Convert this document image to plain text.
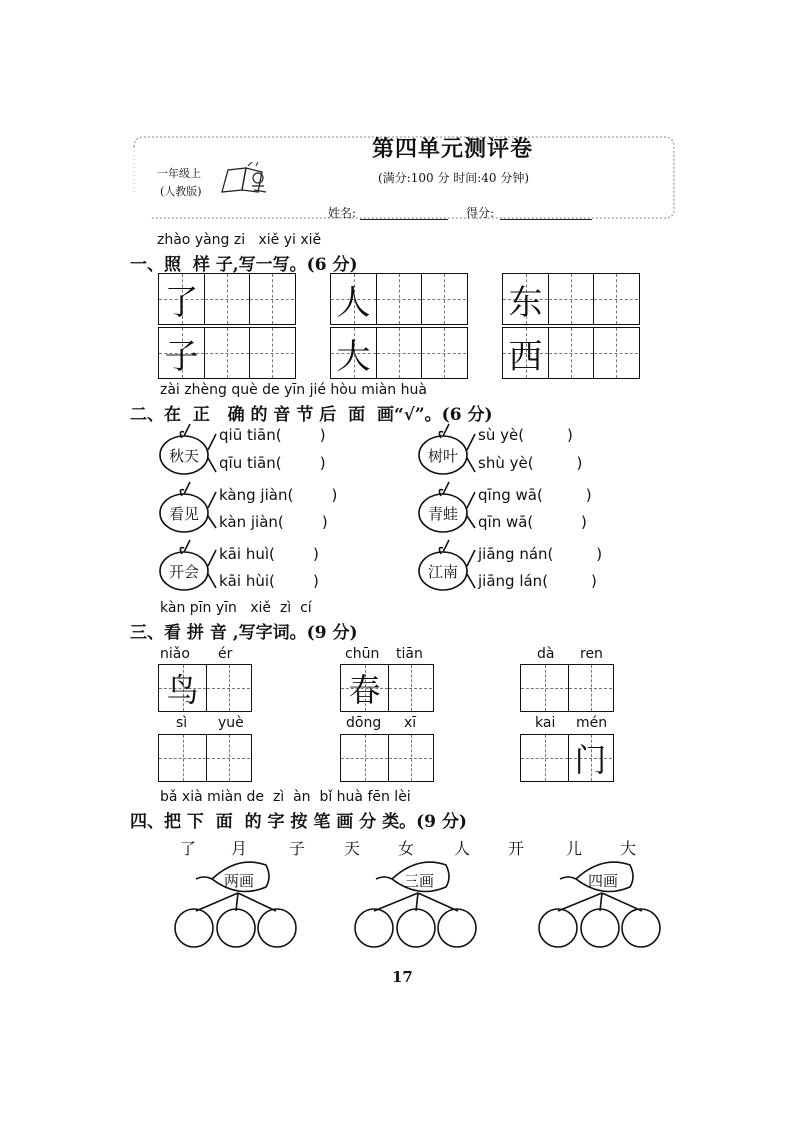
一年级上
(人教版)
第四单元测评卷
(满分:100 分 时间:40 分钟)
姓名:	得分:
zhào yàng zi   xiě yi xiě
一、照  样 子,写一写。(6 分)
了
子
人
大
东
西
zài zhèng què de yīn jié hòu miàn huà
二、在  正   确 的 音 节 后  面  画“√”。(6 分)
秋天
qiū tiān(        )
qīu tiān(        )	树叶
sù yè(         )
shù yè(         )
看见
kàng jiàn(        )
kàn jiàn(        )	青蛙
qīng wā(         )
qīn wā(          )
开会
kāi huì(        )
kāi hùi(        )	江南
jiāng nán(         )
jiāng lán(         )
kàn pīn yīn   xiě  zì  cí
三、看 拼 音 ,写字词。(9 分)
niǎo ér
鸟
chūn tiān
春
dà ren
sì yuè	dōng xī	kai mén
门
bǎ xià miàn de  zì  àn  bǐ huà fēn lèi
四、把 下  面  的 字 按 笔 画 分 类。(9 分)
了 月	子 天 女 人 开	儿 大
两画	三画	四画
17
